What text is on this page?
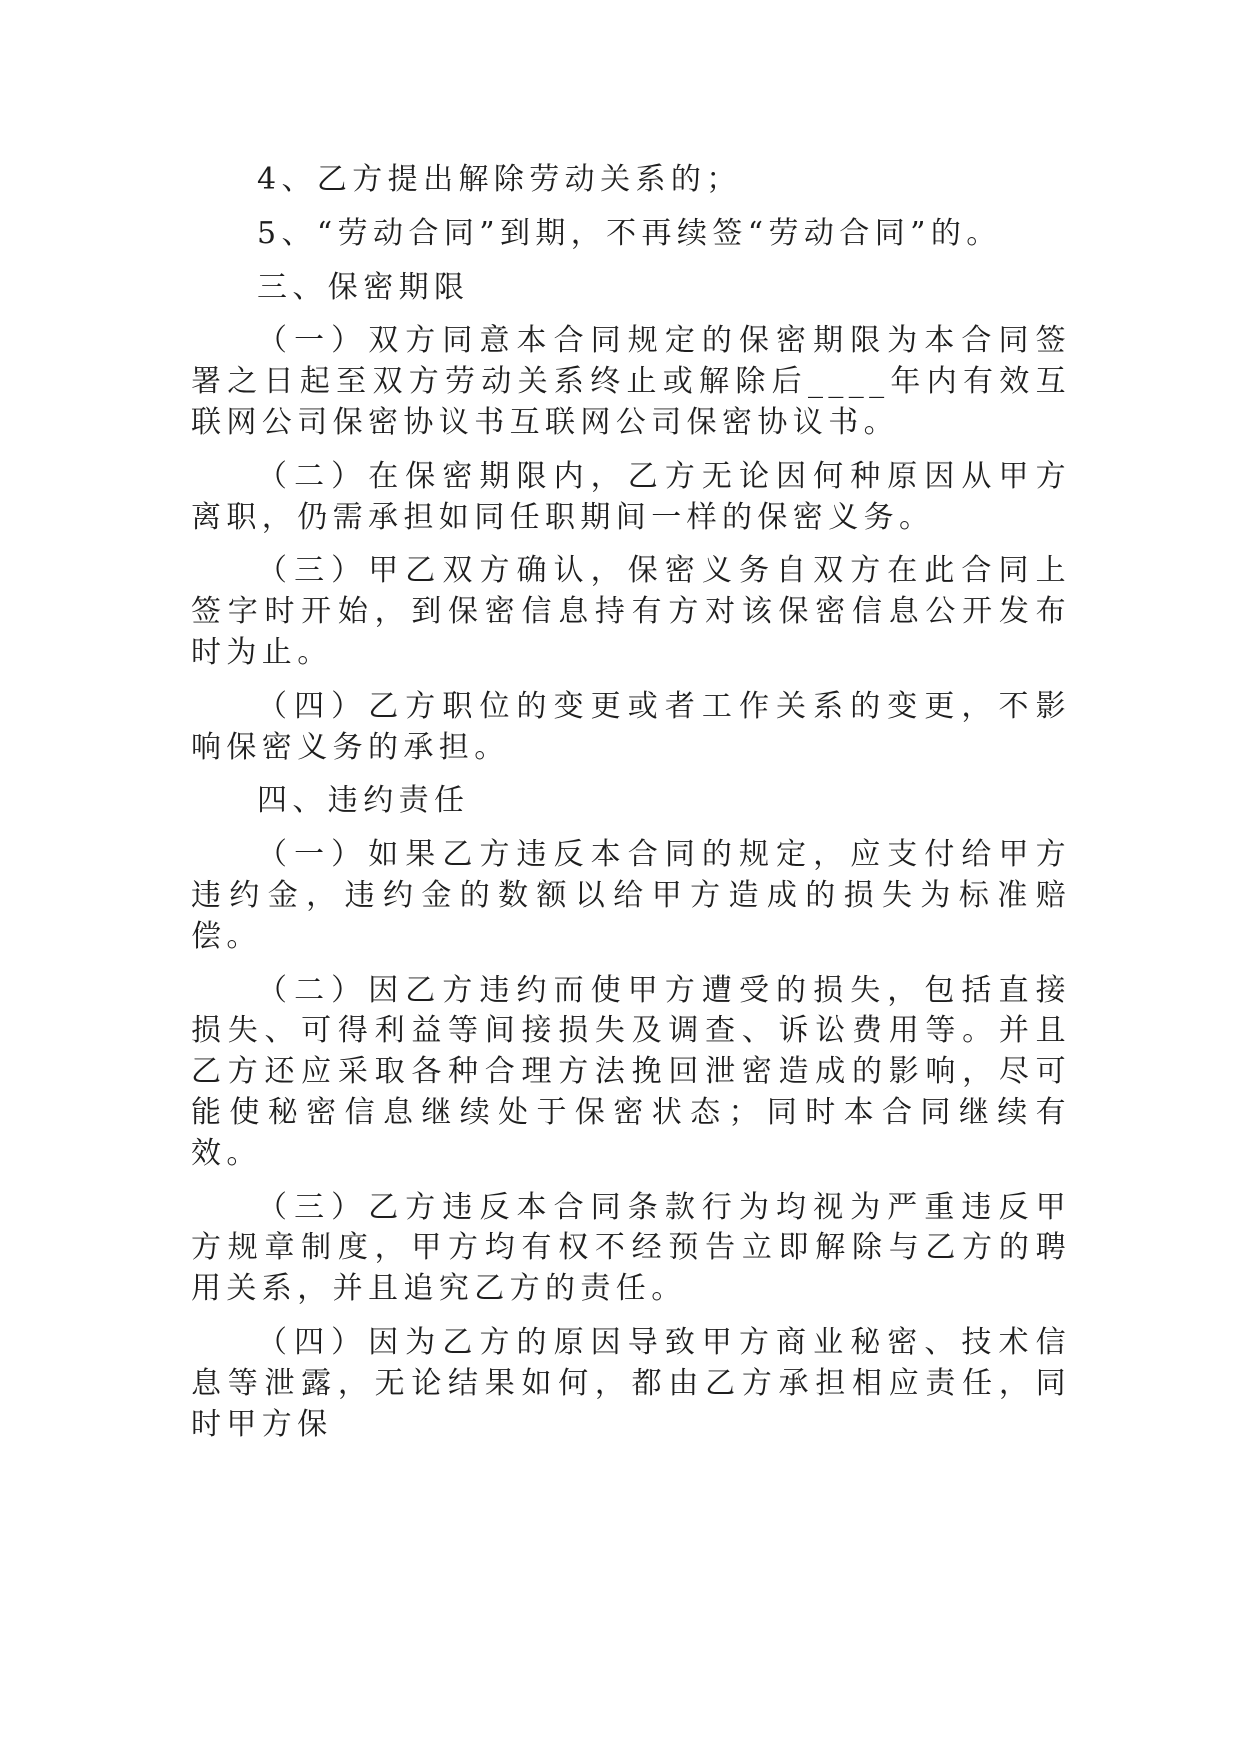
4、乙方提出解除劳动关系的；

5、“劳动合同”到期，不再续签“劳动合同”的。

三、保密期限

（一）双方同意本合同规定的保密期限为本合同签署之日起至双方劳动关系终止或解除后____年内有效互联网公司保密协议书互联网公司保密协议书。

（二）在保密期限内，乙方无论因何种原因从甲方离职，仍需承担如同任职期间一样的保密义务。

（三）甲乙双方确认，保密义务自双方在此合同上签字时开始，到保密信息持有方对该保密信息公开发布时为止。

（四）乙方职位的变更或者工作关系的变更，不影响保密义务的承担。

四、违约责任

（一）如果乙方违反本合同的规定，应支付给甲方违约金，违约金的数额以给甲方造成的损失为标准赔偿。

（二）因乙方违约而使甲方遭受的损失，包括直接损失、可得利益等间接损失及调查、诉讼费用等。并且乙方还应采取各种合理方法挽回泄密造成的影响，尽可能使秘密信息继续处于保密状态；同时本合同继续有效。

（三）乙方违反本合同条款行为均视为严重违反甲方规章制度，甲方均有权不经预告立即解除与乙方的聘用关系，并且追究乙方的责任。

（四）因为乙方的原因导致甲方商业秘密、技术信息等泄露，无论结果如何，都由乙方承担相应责任，同时甲方保
